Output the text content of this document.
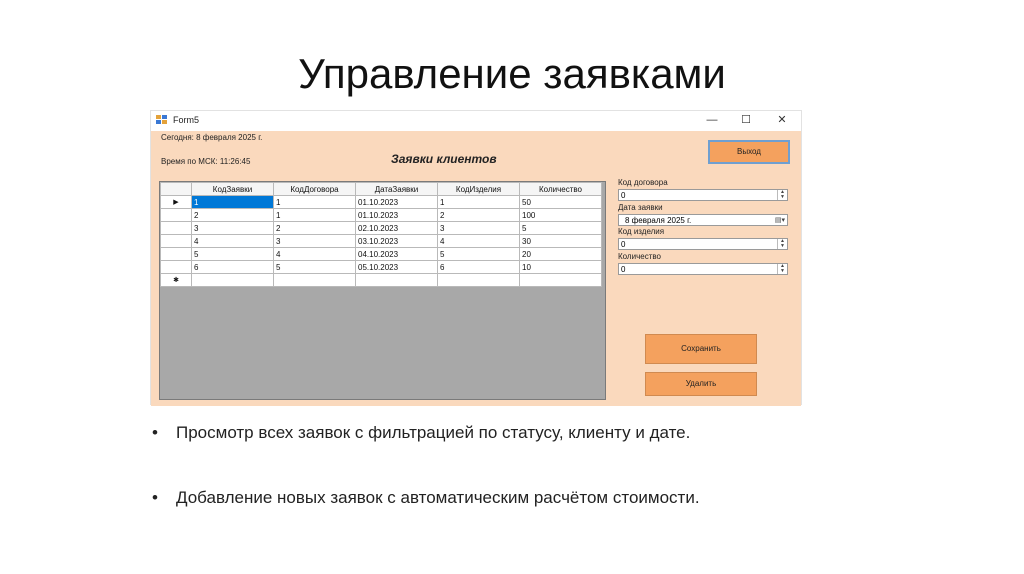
Управление заявками
Form5	—	☐	✕
Сегодня: 8 февраля 2025 г.
Время по МСК: 11:26:45	Заявки клиентов
Выход
	КодЗаявки	КодДоговора	ДатаЗаявки	КодИзделия	Количество
▶	1	1	01.10.2023	1	50
	2	1	01.10.2023	2	100
	3	2	02.10.2023	3	5
	4	3	03.10.2023	4	30
	5	4	04.10.2023	5	20
	6	5	05.10.2023	6	10
✱					
Код договора
0	▲
▼
Дата заявки
8 февраля 2025 г.	▤▾
Код изделия
0	▲
▼
Количество
0	▲
▼
Сохранить
Удалить
• Просмотр всех заявок с фильтрацией по статусу, клиенту и дате.
• Добавление новых заявок с автоматическим расчётом стоимости.
